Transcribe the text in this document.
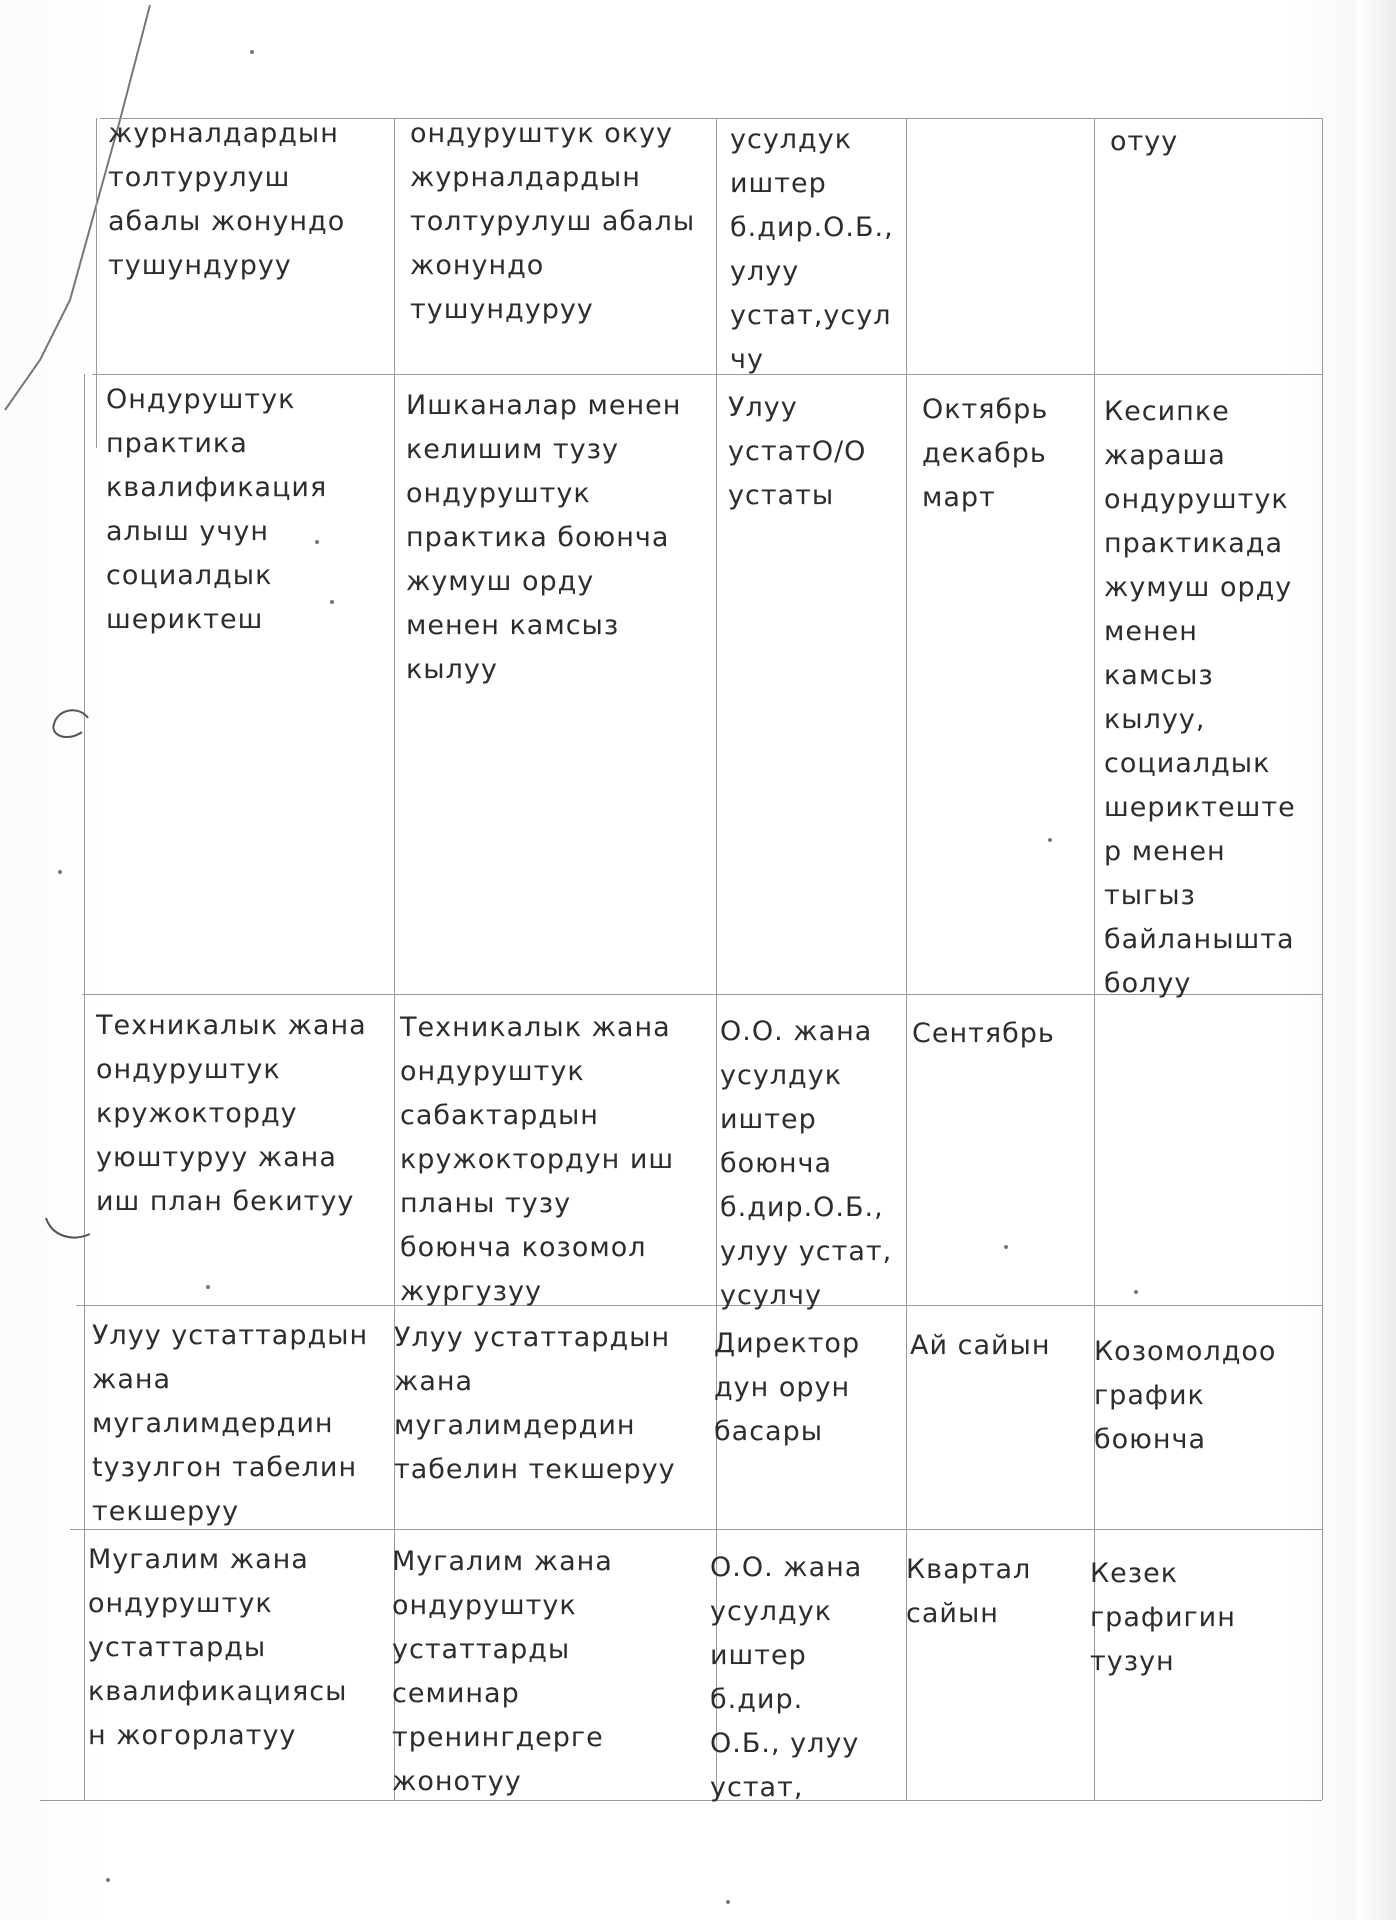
журналдардын
толтурулуш
абалы жонундо
тушундуруу
ондуруштук окуу
журналдардын
толтурулуш абалы
жонундо
тушундуруу
усулдук
иштер
б.дир.О.Б.,
улуу
устат,усул
чу
отуу
Ондуруштук
практика
квалификация
алыш учун
социалдык
шериктеш
Ишканалар менен
келишим тузу
ондуруштук
практика боюнча
жумуш орду
менен камсыз
кылуу
Улуу
устатО/О
устаты
Октябрь
декабрь
март
Кесипке
жараша
ондуруштук
практикада
жумуш орду
менен
камсыз
кылуу,
социалдык
шериктеште
р менен
тыгыз
байланышта
болуу
Техникалык жана
ондуруштук
кружокторду
уюштуруу жана
иш план бекитуу
Техникалык жана
ондуруштук
сабактардын
кружоктордун иш
планы тузу
боюнча козомол
жургузуу
О.О. жана
усулдук
иштер
боюнча
б.дир.О.Б.,
улуу устат,
усулчу
Сентябрь
Улуу устаттардын
жана
мугалимдердин
tузулгон табелин
текшеруу
Улуу устаттардын
жана
мугалимдердин
табелин текшеруу
Директор
дун орун
басары
Ай сайын	Козомолдоо
график
боюнча
Мугалим жана
ондуруштук
устаттарды
квалификациясы
н жогорлатуу
Мугалим жана
ондуруштук
устаттарды
семинар
тренингдерге
жонотуу
О.О. жана
усулдук
иштер
б.дир.
О.Б., улуу
устат,
Квартал
сайын
Кезек
графигин
тузун
